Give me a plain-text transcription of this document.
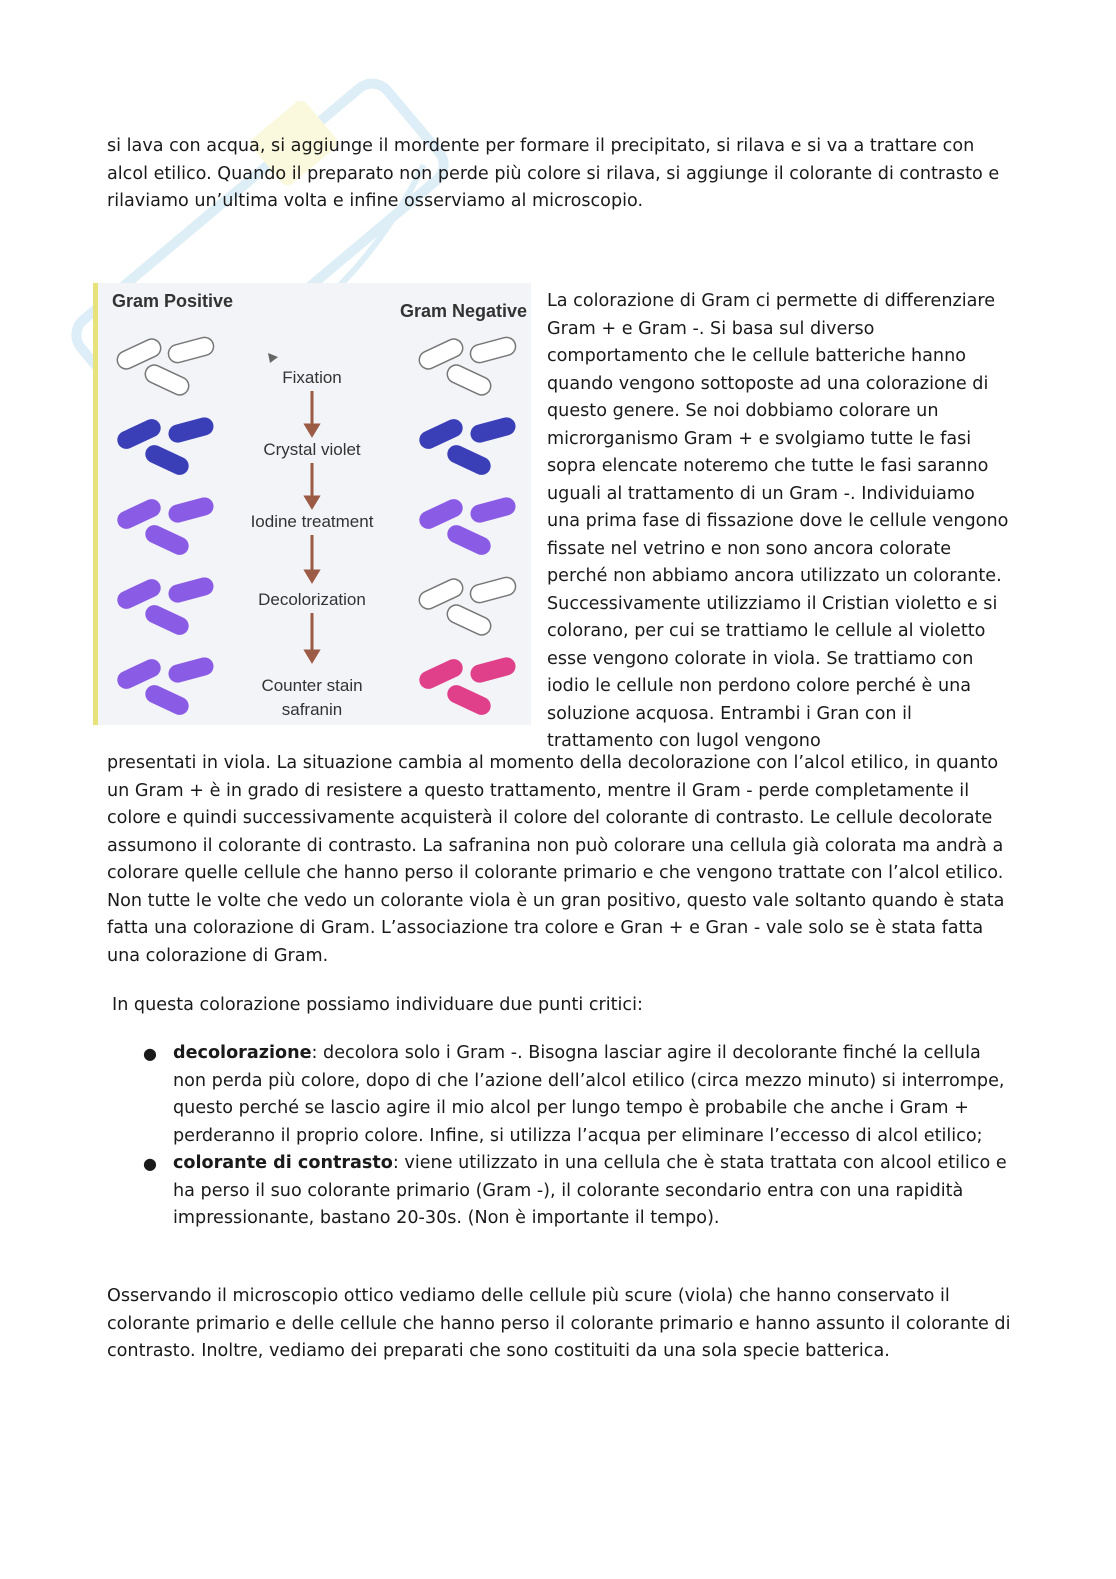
si lava con acqua, si aggiunge il mordente per formare il precipitato, si rilava e si va a trattare con alcol etilico. Quando il preparato non perde più colore si rilava, si aggiunge il colorante di contrasto e rilaviamo un’ultima volta e infine osserviamo al microscopio.

Gram Positive	Gram Negative
Fixation
Crystal violet
Iodine treatment
Decolorization
Counter stain
safranin

La colorazione di Gram ci permette di differenziare Gram + e Gram -. Si basa sul diverso comportamento che le cellule batteriche hanno quando vengono sottoposte ad una colorazione di questo genere. Se noi dobbiamo colorare un microrganismo Gram + e svolgiamo tutte le fasi sopra elencate noteremo che tutte le fasi saranno uguali al trattamento di un Gram -. Individuiamo una prima fase di fissazione dove le cellule vengono fissate nel vetrino e non sono ancora colorate perché non abbiamo ancora utilizzato un colorante. Successivamente utilizziamo il Cristian violetto e si colorano, per cui se trattiamo le cellule al violetto esse vengono colorate in viola. Se trattiamo con iodio le cellule non perdono colore perché è una soluzione acquosa. Entrambi i Gran con il trattamento con lugol vengono

presentati in viola. La situazione cambia al momento della decolorazione con l’alcol etilico, in quanto un Gram + è in grado di resistere a questo trattamento, mentre il Gram - perde completamente il colore e quindi successivamente acquisterà il colore del colorante di contrasto. Le cellule decolorate assumono il colorante di contrasto. La safranina non può colorare una cellula già colorata ma andrà a colorare quelle cellule che hanno perso il colorante primario e che vengono trattate con l’alcol etilico. Non tutte le volte che vedo un colorante viola è un gran positivo, questo vale soltanto quando è stata fatta una colorazione di Gram. L’associazione tra colore e Gran + e Gran - vale solo se è stata fatta una colorazione di Gram.

In questa colorazione possiamo individuare due punti critici:

● decolorazione: decolora solo i Gram -. Bisogna lasciar agire il decolorante finché la cellula non perda più colore, dopo di che l’azione dell’alcol etilico (circa mezzo minuto) si interrompe, questo perché se lascio agire il mio alcol per lungo tempo è probabile che anche i Gram + perderanno il proprio colore. Infine, si utilizza l’acqua per eliminare l’eccesso di alcol etilico;
● colorante di contrasto: viene utilizzato in una cellula che è stata trattata con alcool etilico e ha perso il suo colorante primario (Gram -), il colorante secondario entra con una rapidità impressionante, bastano 20-30s. (Non è importante il tempo).

Osservando il microscopio ottico vediamo delle cellule più scure (viola) che hanno conservato il colorante primario e delle cellule che hanno perso il colorante primario e hanno assunto il colorante di contrasto. Inoltre, vediamo dei preparati che sono costituiti da una sola specie batterica.
